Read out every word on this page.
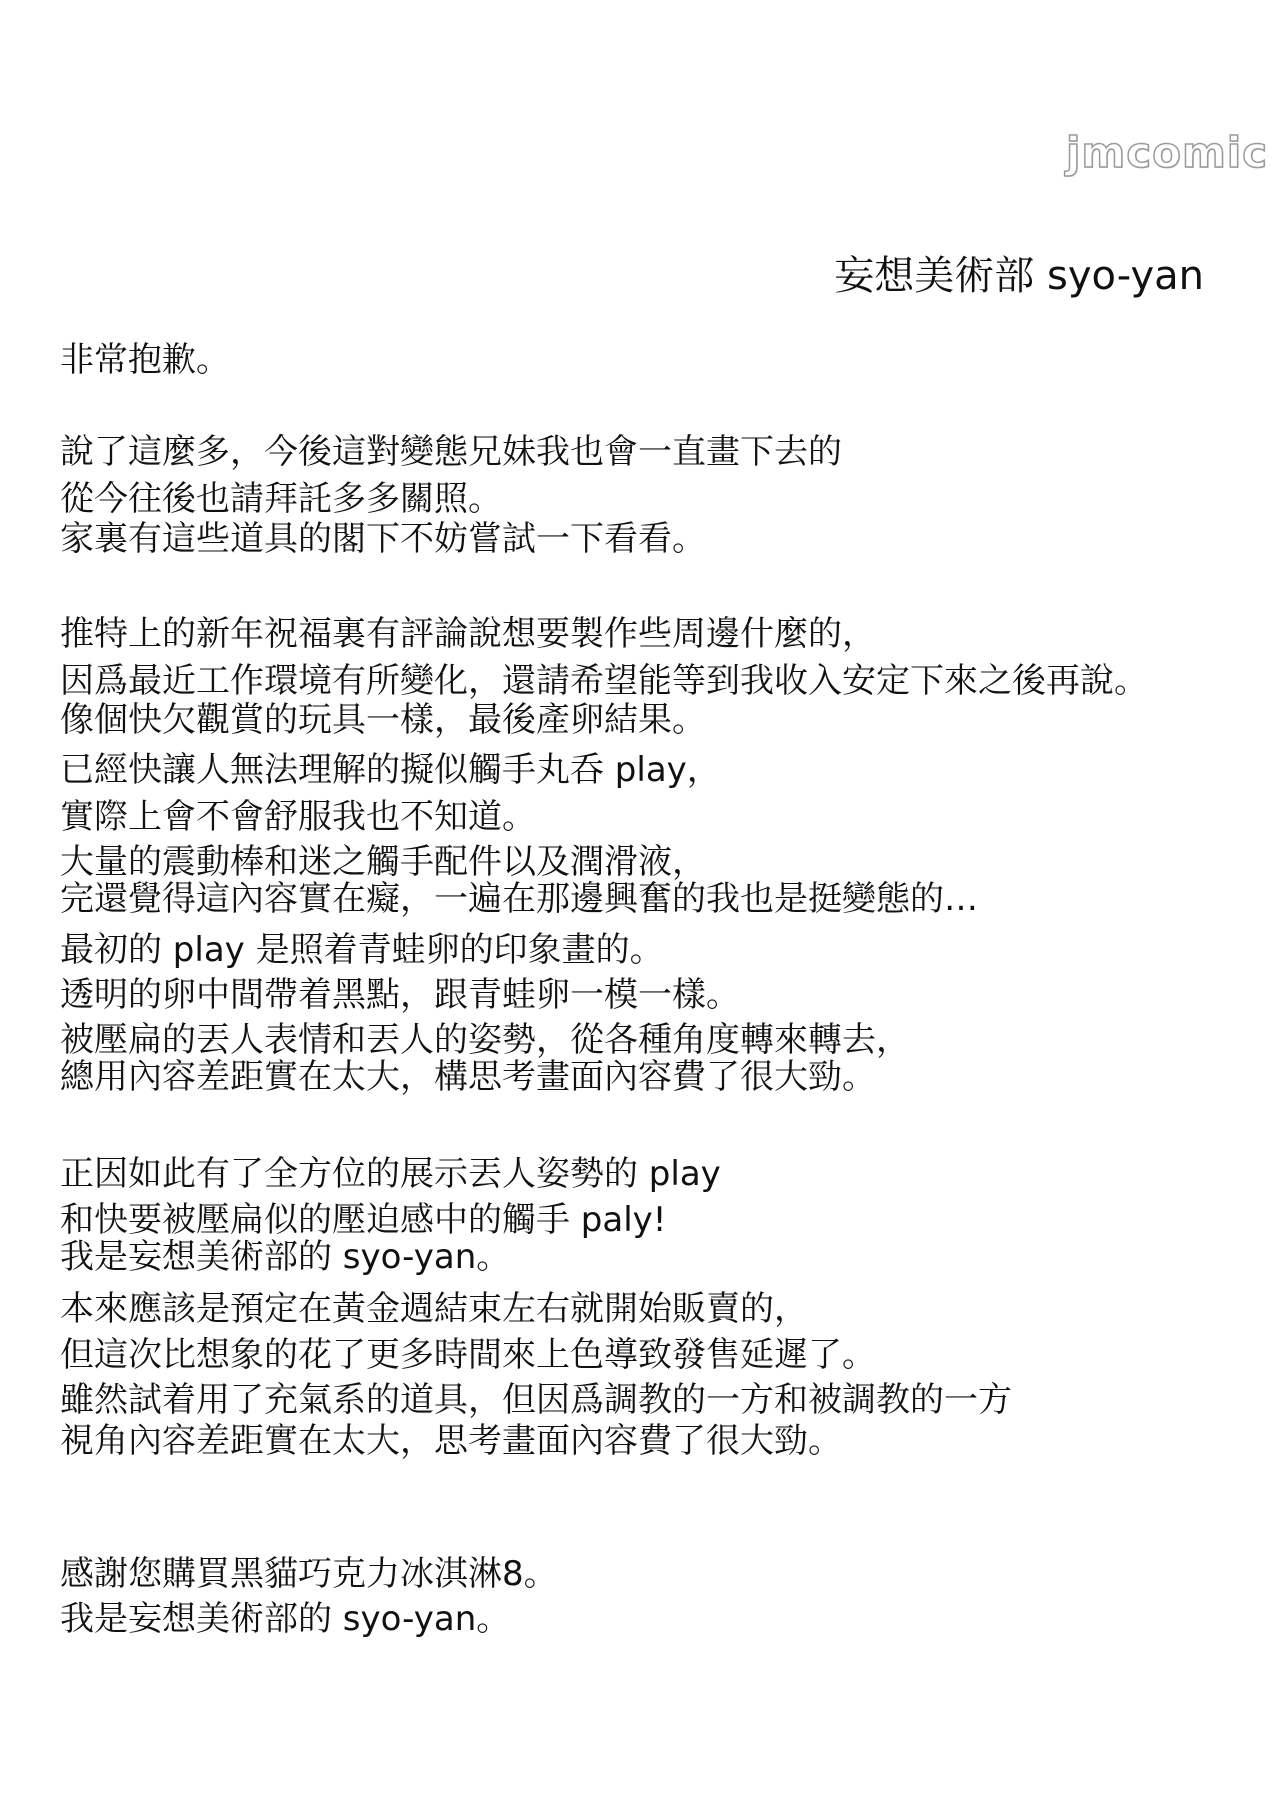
jmcomic
妄想美術部 syo-yan
非常抱歉。
說了這麼多，今後這對變態兄妹我也會一直畫下去的
從今往後也請拜託多多關照。
家裏有這些道具的閣下不妨嘗試一下看看。
推特上的新年祝福裏有評論說想要製作些周邊什麼的，
因爲最近工作環境有所變化，還請希望能等到我收入安定下來之後再說。
像個快欠觀賞的玩具一樣，最後產卵結果。
已經快讓人無法理解的擬似觸手丸呑 play，
實際上會不會舒服我也不知道。
大量的震動棒和迷之觸手配件以及潤滑液，
完還覺得這內容實在癡，一遍在那邊興奮的我也是挺變態的…
最初的 play 是照着青蛙卵的印象畫的。
透明的卵中間帶着黑點，跟青蛙卵一模一樣。
被壓扁的丟人表情和丟人的姿勢，從各種角度轉來轉去，
總用內容差距實在太大，構思考畫面內容費了很大勁。
正因如此有了全方位的展示丟人姿勢的 play
和快要被壓扁似的壓迫感中的觸手 paly!
我是妄想美術部的 syo-yan。
本來應該是預定在黃金週結束左右就開始販賣的，
但這次比想象的花了更多時間來上色導致發售延遲了。
雖然試着用了充氣系的道具，但因爲調教的一方和被調教的一方
視角內容差距實在太大，思考畫面內容費了很大勁。
感謝您購買黑貓巧克力冰淇淋8。
我是妄想美術部的 syo-yan。
